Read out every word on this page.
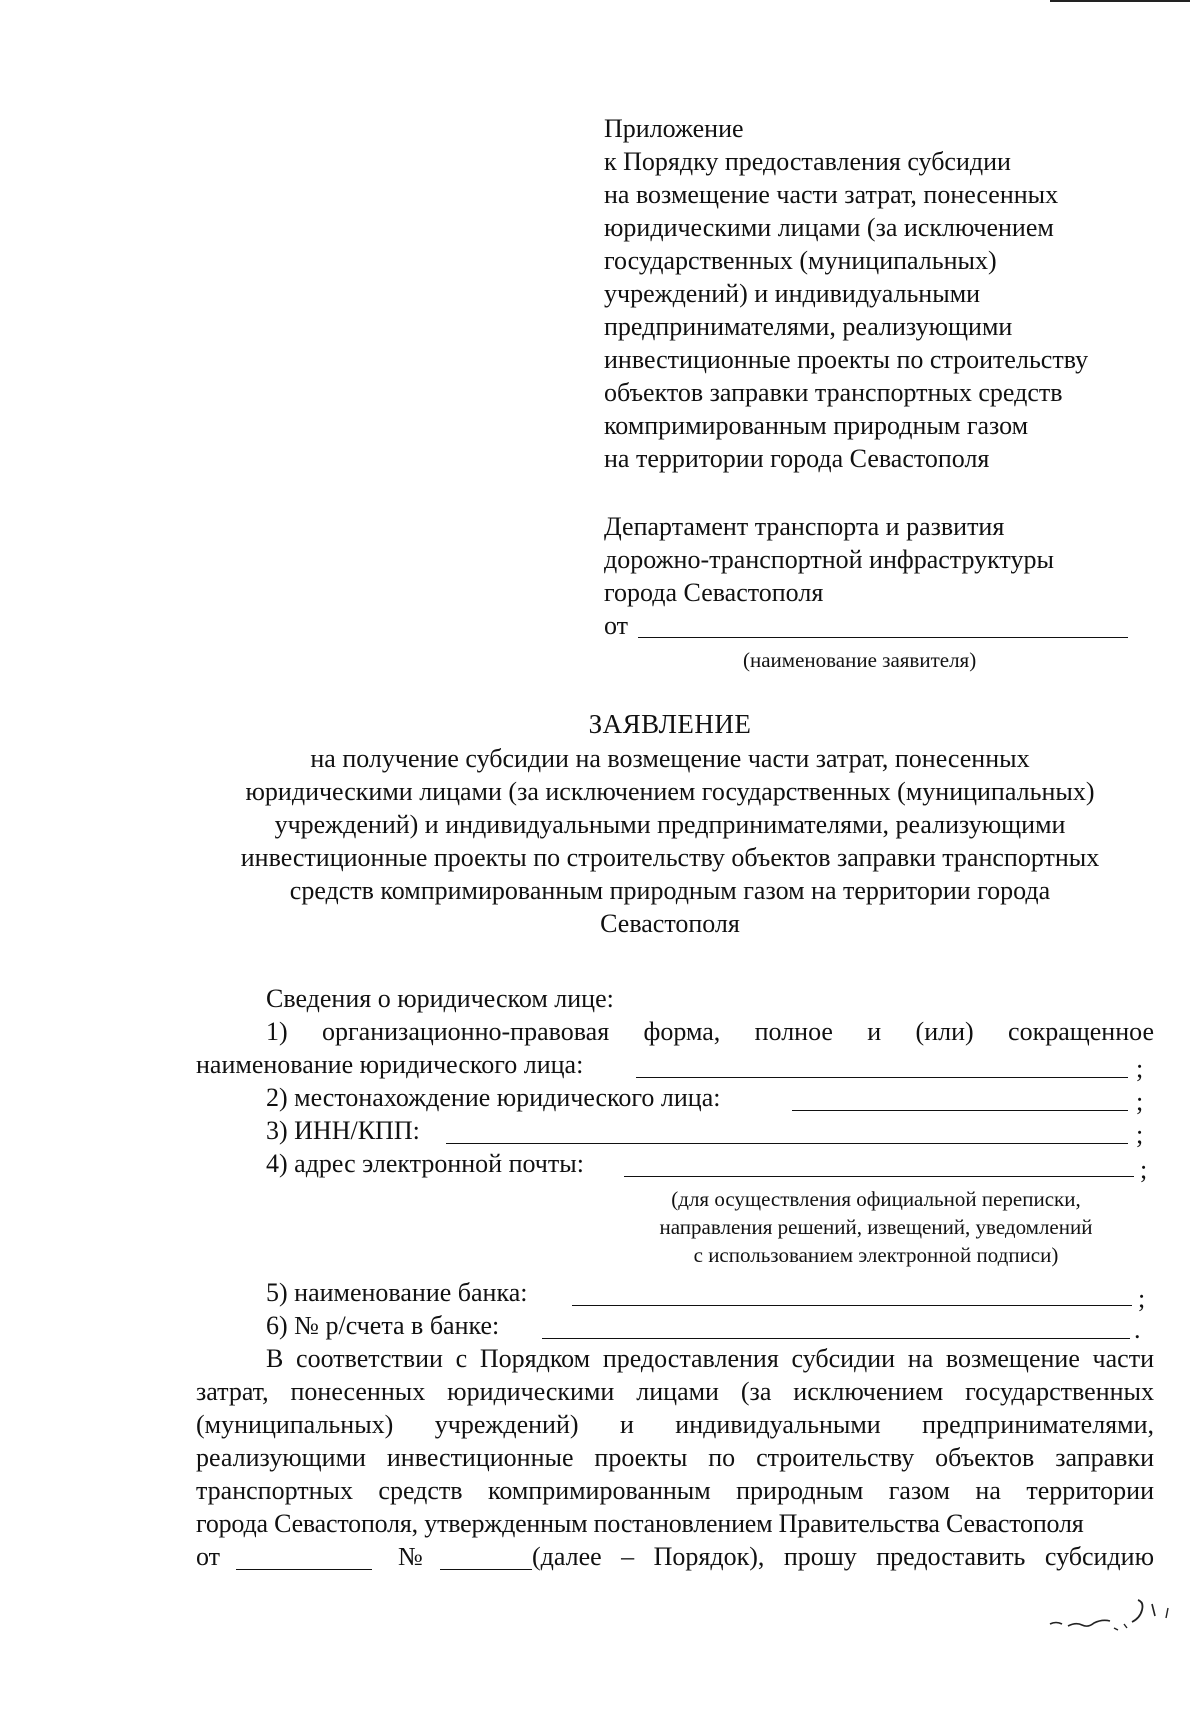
Приложение
к Порядку предоставления субсидии
на возмещение части затрат, понесенных
юридическими лицами (за исключением
государственных (муниципальных)
учреждений) и индивидуальными
предпринимателями, реализующими
инвестиционные проекты по строительству
объектов заправки транспортных средств
компримированным природным газом
на территории города Севастополя
Департамент транспорта и развития
дорожно-транспортной инфраструктуры
города Севастополя
от
(наименование заявителя)
ЗАЯВЛЕНИЕ
на получение субсидии на возмещение части затрат, понесенных
юридическими лицами (за исключением государственных (муниципальных)
учреждений) и индивидуальными предпринимателями, реализующими
инвестиционные проекты по строительству объектов заправки транспортных
средств компримированным природным газом на территории города
Севастополя
Сведения о юридическом лице:
1) организационно-правовая форма, полное и (или) сокращенное
наименование юридического лица:	;
2) местонахождение юридического лица:	;
3) ИНН/КПП:	;
4) адрес электронной почты:	;
(для осуществления официальной переписки,
направления решений, извещений, уведомлений
с использованием электронной подписи)
5) наименование банка:	;
6) № р/счета в банке:	.
В соответствии с Порядком предоставления субсидии на возмещение части
затрат, понесенных юридическими лицами (за исключением государственных
(муниципальных) учреждений) и индивидуальными предпринимателями,
реализующими инвестиционные проекты по строительству объектов заправки
транспортных средств компримированным природным газом на территории
города Севастополя, утвержденным постановлением Правительства Севастополя
от	№	(далее – Порядок), прошу предоставить субсидию
